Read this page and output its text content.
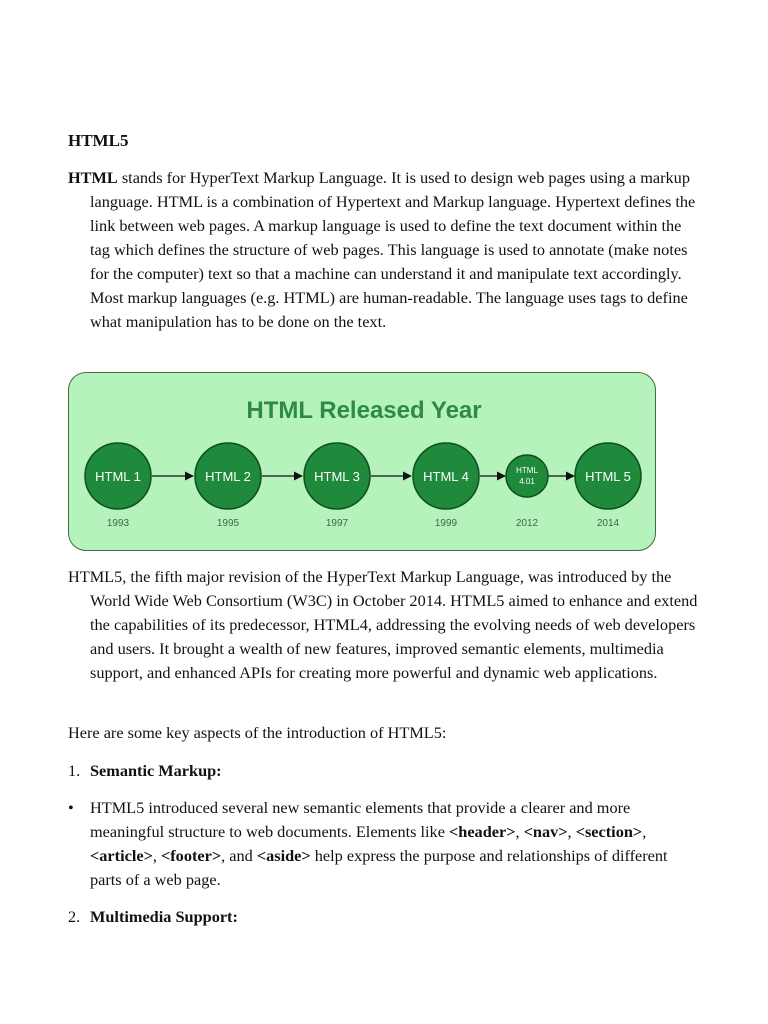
HTML5

HTML stands for HyperText Markup Language. It is used to design web pages using a markup language. HTML is a combination of Hypertext and Markup language. Hypertext defines the link between web pages. A markup language is used to define the text document within the tag which defines the structure of web pages. This language is used to annotate (make notes for the computer) text so that a machine can understand it and manipulate text accordingly. Most markup languages (e.g. HTML) are human-readable. The language uses tags to define what manipulation has to be done on the text.

HTML Released Year
HTML 1
1993
HTML 2
1995
HTML 3
1997
HTML 4
1999
HTML
4.01
2012
HTML 5
2014

HTML5, the fifth major revision of the HyperText Markup Language, was introduced by the World Wide Web Consortium (W3C) in October 2014. HTML5 aimed to enhance and extend the capabilities of its predecessor, HTML4, addressing the evolving needs of web developers and users. It brought a wealth of new features, improved semantic elements, multimedia support, and enhanced APIs for creating more powerful and dynamic web applications.

Here are some key aspects of the introduction of HTML5:

1. Semantic Markup:

• HTML5 introduced several new semantic elements that provide a clearer and more meaningful structure to web documents. Elements like <header>, <nav>, <section>, <article>, <footer>, and <aside> help express the purpose and relationships of different parts of a web page.

2. Multimedia Support:
